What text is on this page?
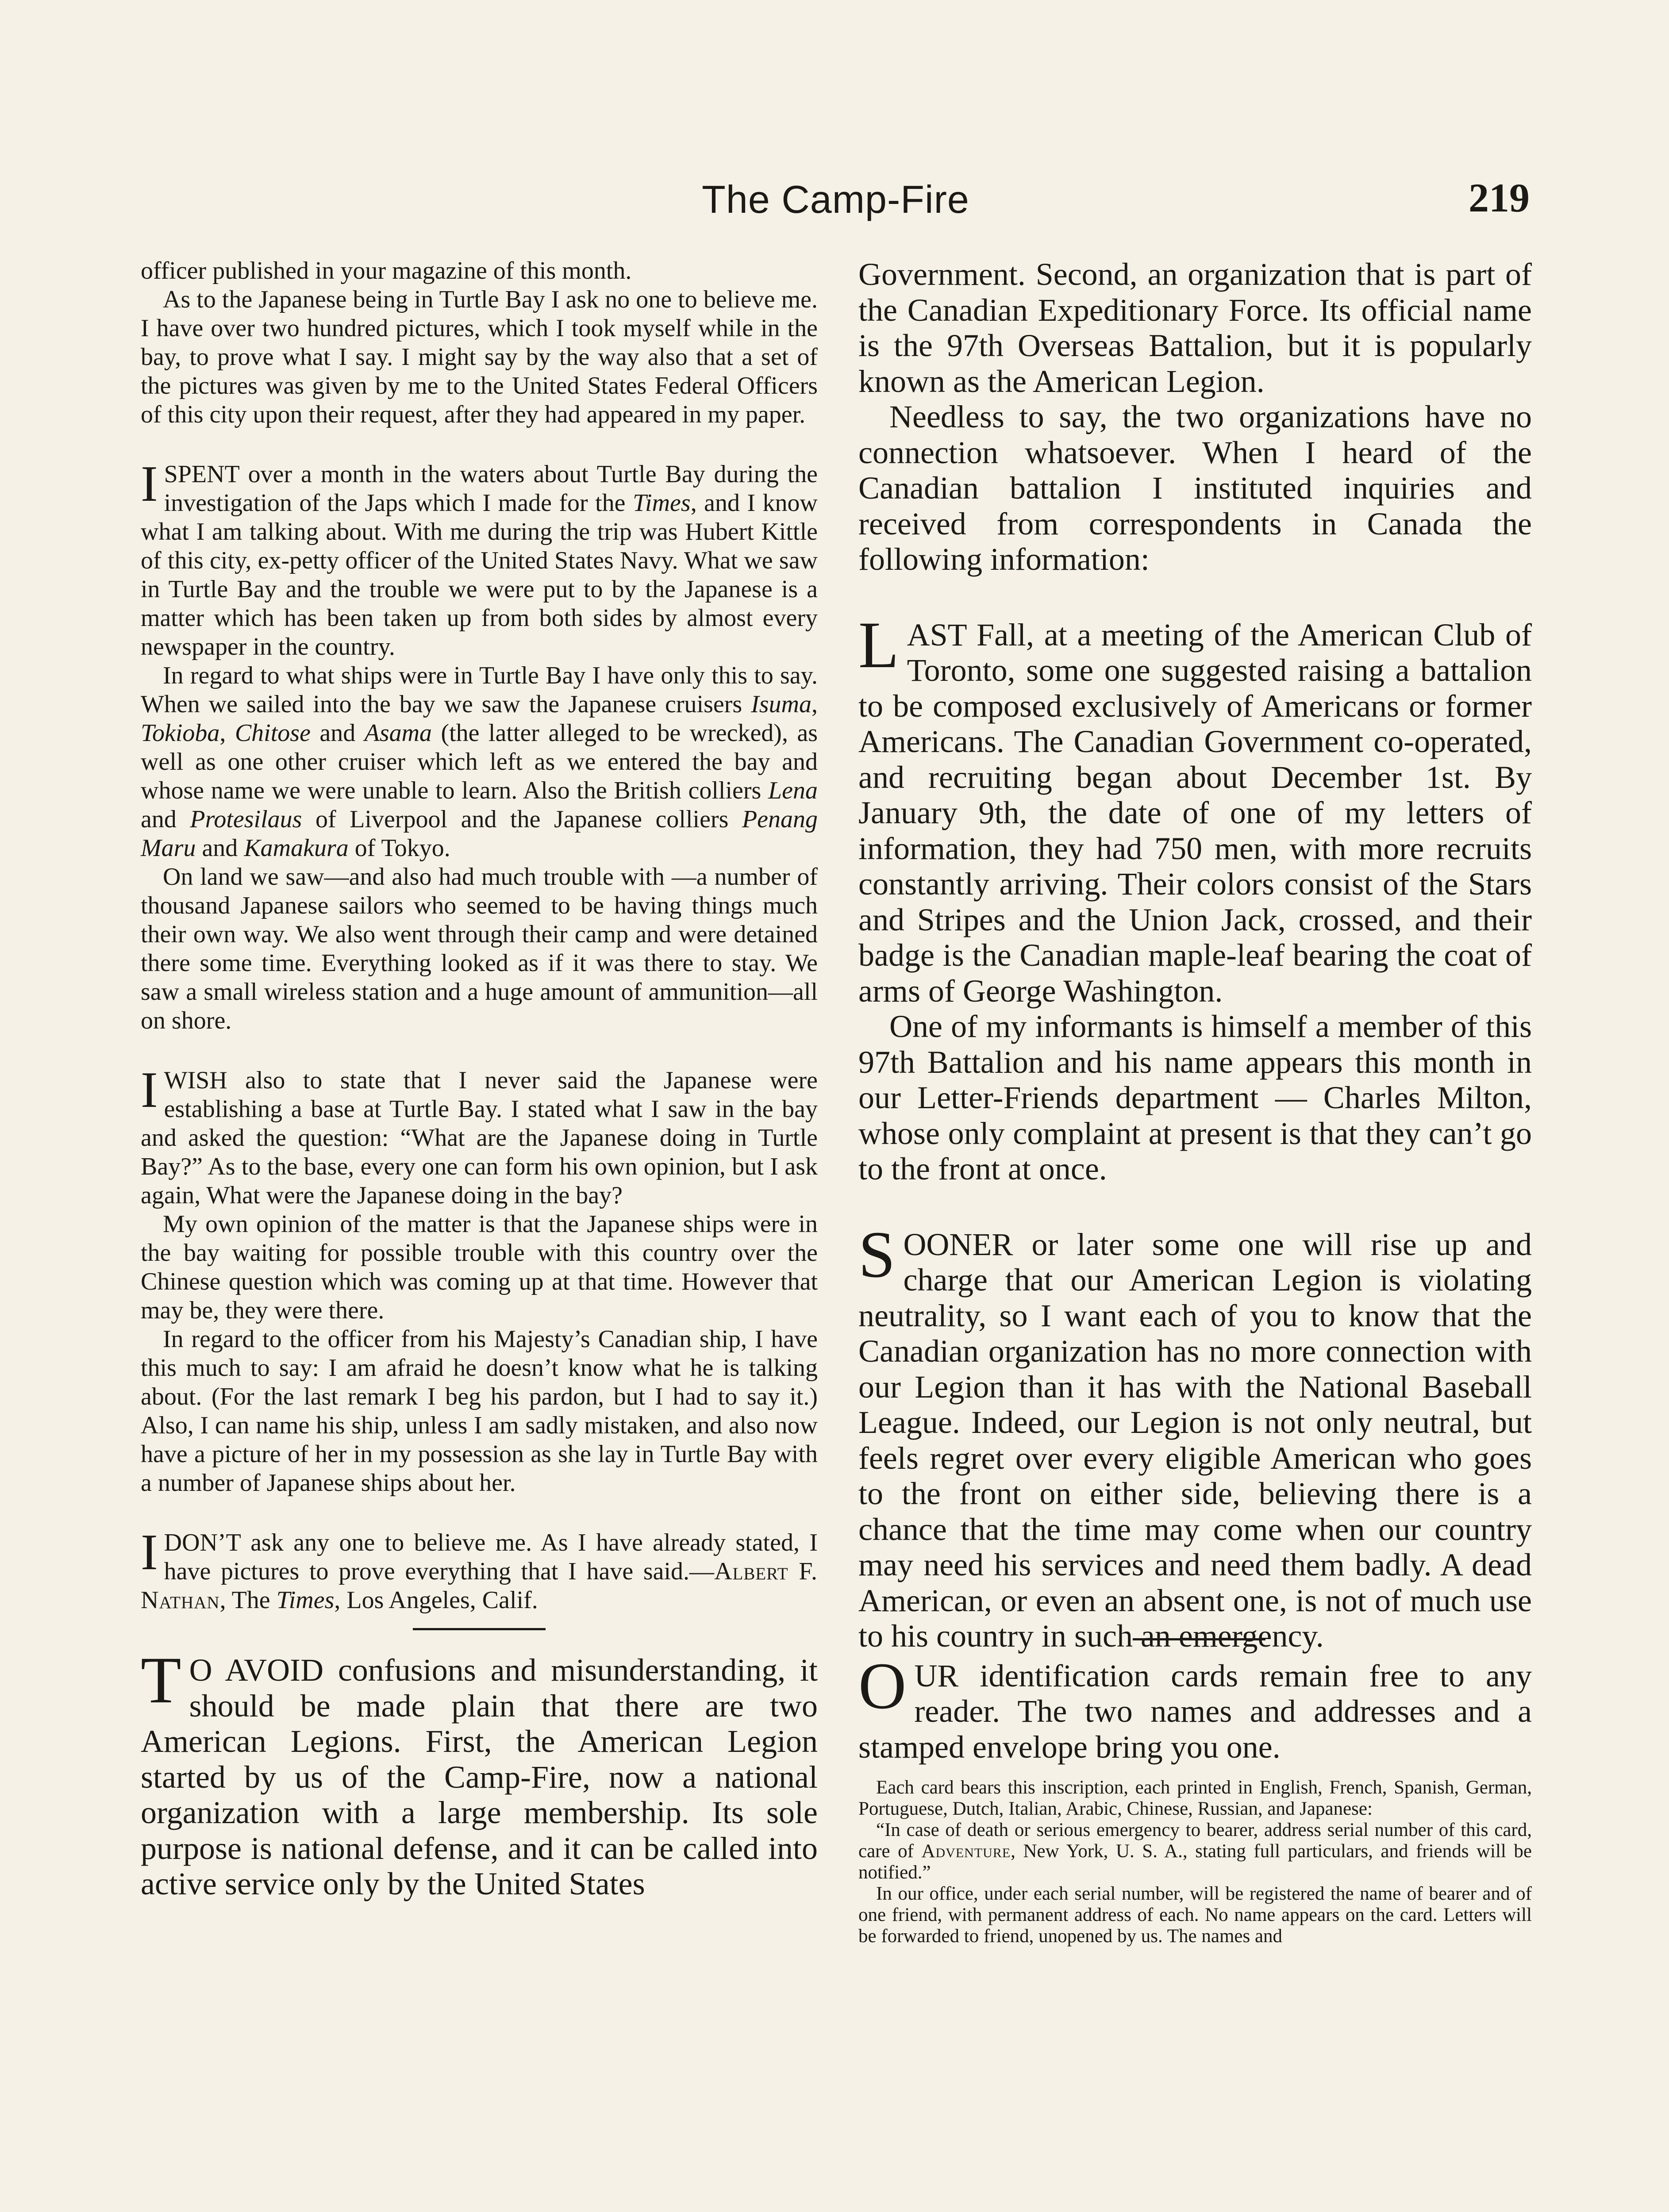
The Camp-Fire	219

officer published in your magazine of this month.

As to the Japanese being in Turtle Bay I ask no one to believe me. I have over two hundred pictures, which I took myself while in the bay, to prove what I say. I might say by the way also that a set of the pictures was given by me to the United States Federal Officers of this city upon their request, after they had appeared in my paper.

I SPENT over a month in the waters about Turtle Bay during the investigation of the Japs which I made for the Times, and I know what I am talking about. With me during the trip was Hubert Kittle of this city, ex-petty officer of the United States Navy. What we saw in Turtle Bay and the trouble we were put to by the Japanese is a matter which has been taken up from both sides by almost every newspaper in the country.

In regard to what ships were in Turtle Bay I have only this to say. When we sailed into the bay we saw the Japanese cruisers Isuma, Tokioba, Chitose and Asama (the latter alleged to be wrecked), as well as one other cruiser which left as we entered the bay and whose name we were unable to learn. Also the British colliers Lena and Protesilaus of Liverpool and the Japanese colliers Penang Maru and Kamakura of Tokyo.

On land we saw—and also had much trouble with —a number of thousand Japanese sailors who seemed to be having things much their own way. We also went through their camp and were detained there some time. Everything looked as if it was there to stay. We saw a small wireless station and a huge amount of ammunition—all on shore.

I WISH also to state that I never said the Japanese were establishing a base at Turtle Bay. I stated what I saw in the bay and asked the question: “What are the Japanese doing in Turtle Bay?” As to the base, every one can form his own opinion, but I ask again, What were the Japanese doing in the bay?

My own opinion of the matter is that the Japanese ships were in the bay waiting for possible trouble with this country over the Chinese question which was coming up at that time. However that may be, they were there.

In regard to the officer from his Majesty’s Canadian ship, I have this much to say: I am afraid he doesn’t know what he is talking about. (For the last remark I beg his pardon, but I had to say it.) Also, I can name his ship, unless I am sadly mistaken, and also now have a picture of her in my possession as she lay in Turtle Bay with a number of Japanese ships about her.

I DON’T ask any one to believe me. As I have already stated, I have pictures to prove everything that I have said.—Albert F. Nathan, The Times, Los Angeles, Calif.

T O AVOID confusions and misunderstanding, it should be made plain that there are two American Legions. First, the American Legion started by us of the Camp-Fire, now a national organization with a large membership. Its sole purpose is national defense, and it can be called into active service only by the United States

Government. Second, an organization that is part of the Canadian Expeditionary Force. Its official name is the 97th Overseas Battalion, but it is popularly known as the American Legion.

Needless to say, the two organizations have no connection whatsoever. When I heard of the Canadian battalion I instituted inquiries and received from correspondents in Canada the following information:

LAST Fall, at a meeting of the American Club of Toronto, some one suggested raising a battalion to be composed exclusively of Americans or former Americans. The Canadian Government co-operated, and recruiting began about December 1st. By January 9th, the date of one of my letters of information, they had 750 men, with more recruits constantly arriving. Their colors consist of the Stars and Stripes and the Union Jack, crossed, and their badge is the Canadian maple-leaf bearing the coat of arms of George Washington.

One of my informants is himself a member of this 97th Battalion and his name appears this month in our Letter-Friends department — Charles Milton, whose only complaint at present is that they can’t go to the front at once.

SOONER or later some one will rise up and charge that our American Legion is violating neutrality, so I want each of you to know that the Canadian organization has no more connection with our Legion than it has with the National Baseball League. Indeed, our Legion is not only neutral, but feels regret over every eligible American who goes to the front on either side, believing there is a chance that the time may come when our country may need his services and need them badly. A dead American, or even an absent one, is not of much use to his country in such an emergency.

OUR identification cards remain free to any reader. The two names and addresses and a stamped envelope bring you one.

Each card bears this inscription, each printed in English, French, Spanish, German, Portuguese, Dutch, Italian, Arabic, Chinese, Russian, and Japanese:

“In case of death or serious emergency to bearer, address serial number of this card, care of Adventure, New York, U. S. A., stating full particulars, and friends will be notified.”

In our office, under each serial number, will be registered the name of bearer and of one friend, with permanent address of each. No name appears on the card. Letters will be forwarded to friend, unopened by us. The names and
